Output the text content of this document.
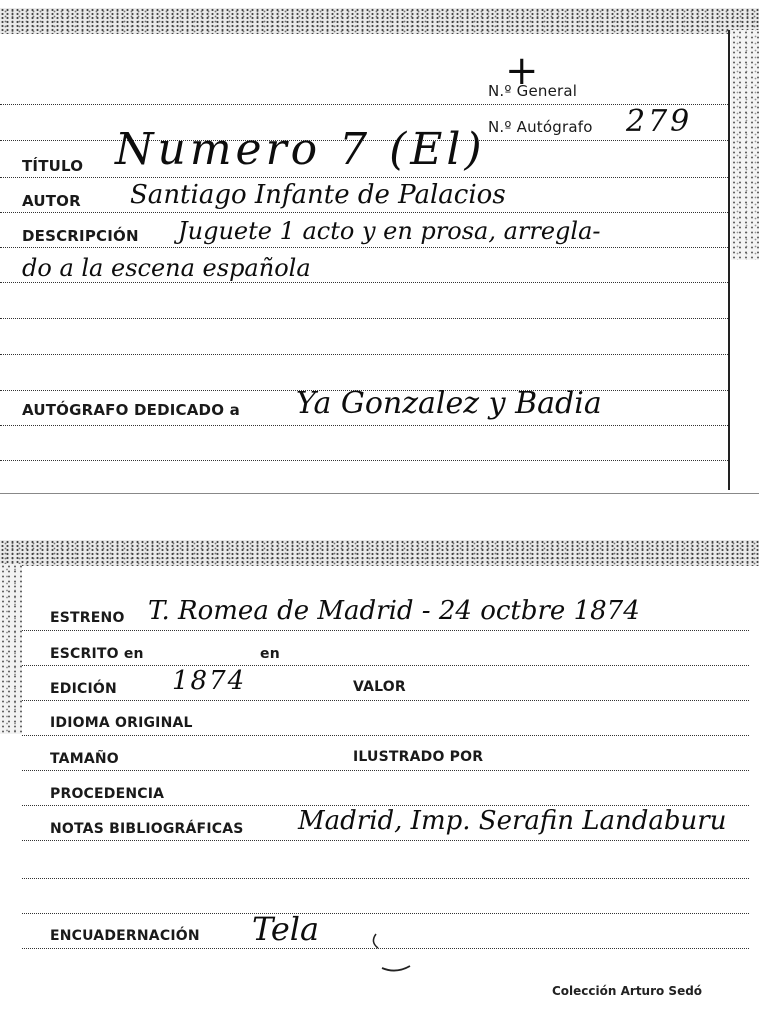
+
N.º General
N.º Autógrafo 279
TÍTULO Numero 7 (El)
AUTOR Santiago Infante de Palacios
DESCRIPCIÓN Juguete 1 acto y en prosa, arregla-
do a la escena española
AUTÓGRAFO DEDICADO a Ya Gonzalez y Badia
ESTRENO T. Romea de Madrid - 24 octbre 1874
ESCRITO en	en
EDICIÓN 1874	VALOR
IDIOMA ORIGINAL
TAMAÑO	ILUSTRADO POR
PROCEDENCIA
NOTAS BIBLIOGRÁFICAS Madrid, Imp. Serafin Landaburu
ENCUADERNACIÓN Tela
Colección Arturo Sedó
